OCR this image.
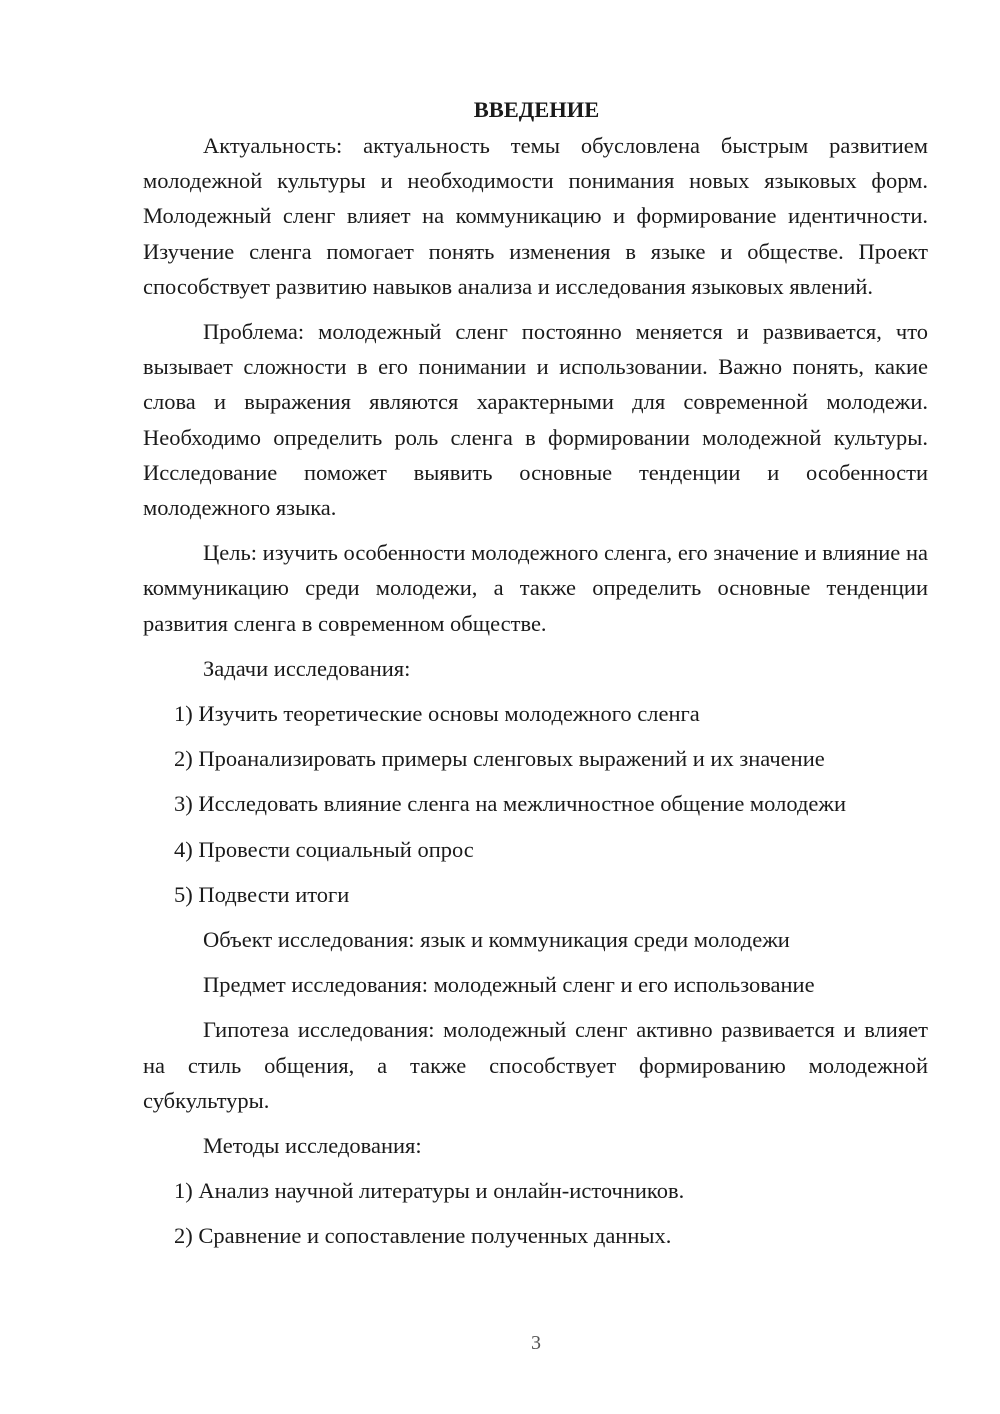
ВВЕДЕНИЕ

Актуальность: актуальность темы обусловлена быстрым развитием молодежной культуры и необходимости понимания новых языковых форм. Молодежный сленг влияет на коммуникацию и формирование идентичности. Изучение сленга помогает понять изменения в языке и обществе. Проект способствует развитию навыков анализа и исследования языковых явлений.

Проблема: молодежный сленг постоянно меняется и развивается, что вызывает сложности в его понимании и использовании. Важно понять, какие слова и выражения являются характерными для современной молодежи. Необходимо определить роль сленга в формировании молодежной культуры. Исследование поможет выявить основные тенденции и особенности молодежного языка.

Цель: изучить особенности молодежного сленга, его значение и влияние на коммуникацию среди молодежи, а также определить основные тенденции развития сленга в современном обществе.

Задачи исследования:
1) Изучить теоретические основы молодежного сленга
2) Проанализировать примеры сленговых выражений и их значение
3) Исследовать влияние сленга на межличностное общение молодежи
4) Провести социальный опрос
5) Подвести итоги
Объект исследования: язык и коммуникация среди молодежи
Предмет исследования: молодежный сленг и его использование

Гипотеза исследования: молодежный сленг активно развивается и влияет на стиль общения, а также способствует формированию молодежной субкультуры.

Методы исследования:
1) Анализ научной литературы и онлайн-источников.
2) Сравнение и сопоставление полученных данных.
3
